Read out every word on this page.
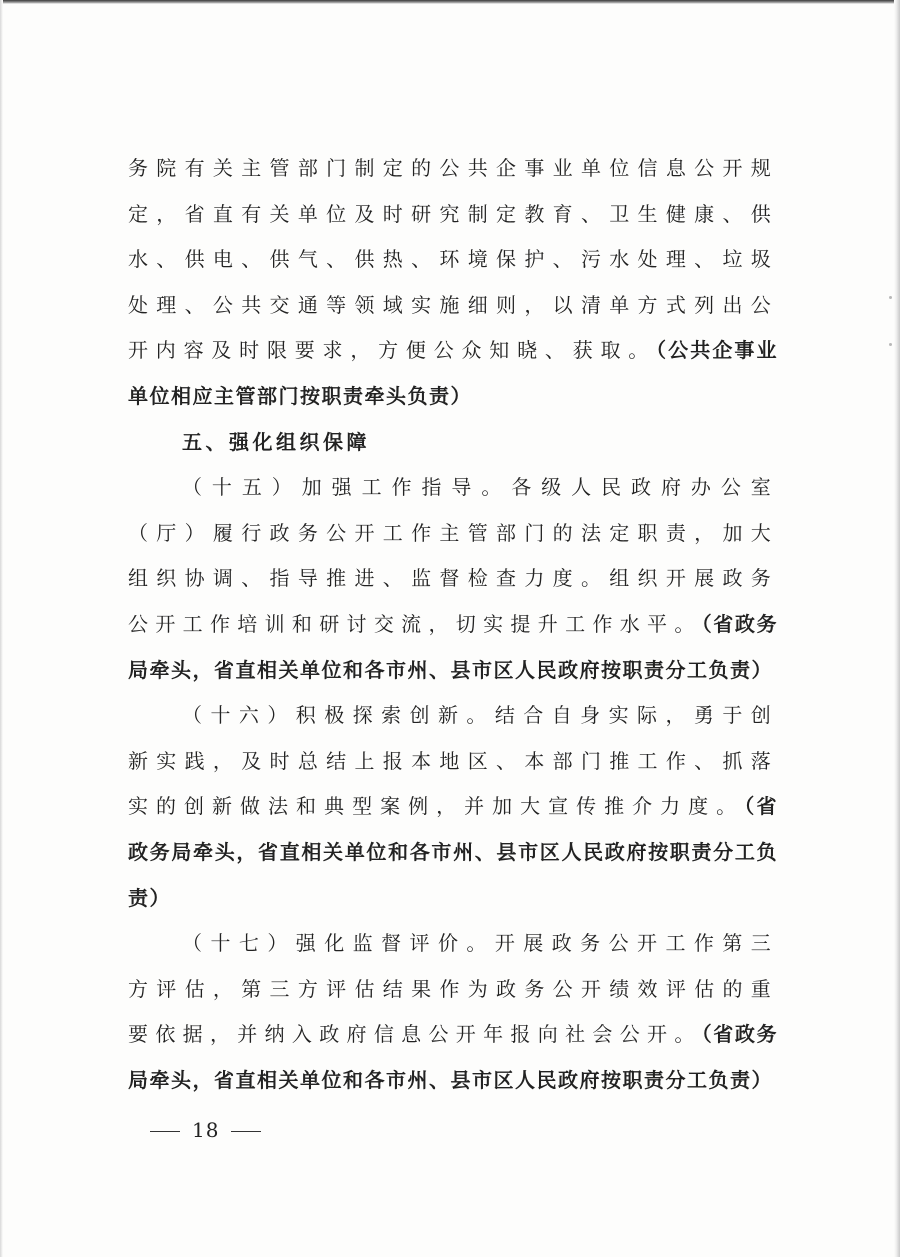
务院有关主管部门制定的公共企事业单位信息公开规定，省直有关单位及时研究制定教育、卫生健康、供水、供电、供气、供热、环境保护、污水处理、垃圾处理、公共交通等领域实施细则，以清单方式列出公开内容及时限要求，方便公众知晓、获取。（公共企事业单位相应主管部门按职责牵头负责）

五、强化组织保障

（十五）加强工作指导。各级人民政府办公室（厅）履行政务公开工作主管部门的法定职责，加大组织协调、指导推进、监督检查力度。组织开展政务公开工作培训和研讨交流，切实提升工作水平。（省政务局牵头，省直相关单位和各市州、县市区人民政府按职责分工负责）

（十六）积极探索创新。结合自身实际，勇于创新实践，及时总结上报本地区、本部门推工作、抓落实的创新做法和典型案例，并加大宣传推介力度。（省政务局牵头，省直相关单位和各市州、县市区人民政府按职责分工负责）

（十七）强化监督评价。开展政务公开工作第三方评估，第三方评估结果作为政务公开绩效评估的重要依据，并纳入政府信息公开年报向社会公开。（省政务局牵头，省直相关单位和各市州、县市区人民政府按职责分工负责）

18
